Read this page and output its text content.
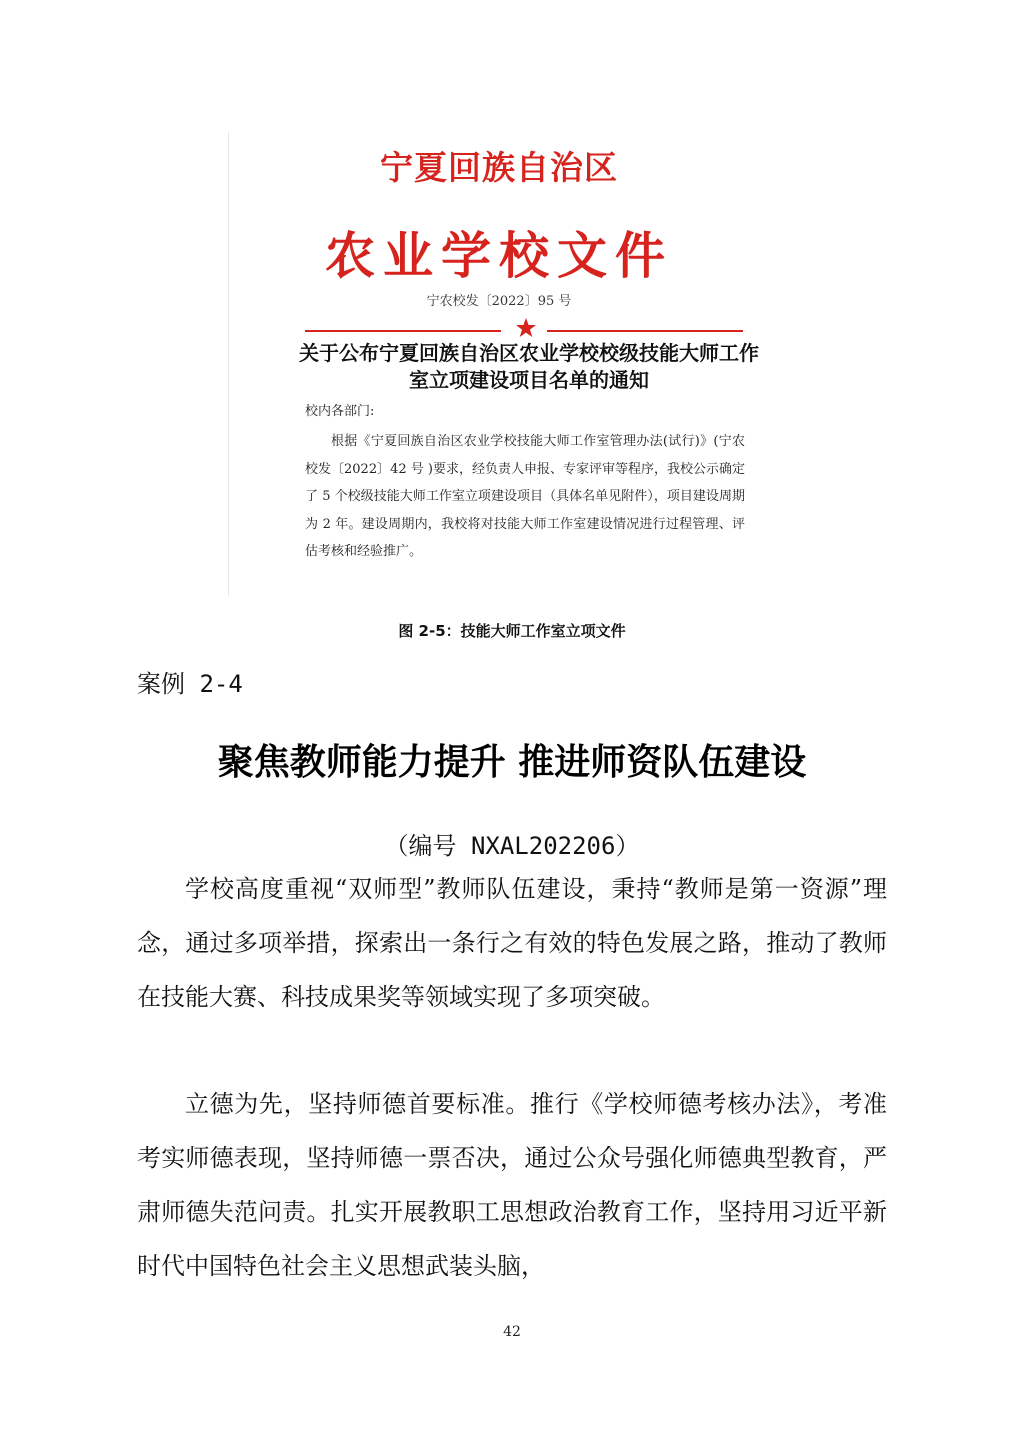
宁夏回族自治区
农业学校文件
宁农校发〔2022〕95 号
关于公布宁夏回族自治区农业学校校级技能大师工作室立项建设项目名单的通知
校内各部门:

根据《宁夏回族自治区农业学校技能大师工作室管理办法(试行)》(宁农校发〔2022〕42 号 )要求，经负责人申报、专家评审等程序，我校公示确定了 5 个校级技能大师工作室立项建设项目（具体名单见附件），项目建设周期为 2 年。建设周期内，我校将对技能大师工作室建设情况进行过程管理、评估考核和经验推广。

图 2-5：技能大师工作室立项文件
案例 2-4
聚焦教师能力提升 推进师资队伍建设
（编号 NXAL202206）

学校高度重视“双师型”教师队伍建设，秉持“教师是第一资源”理念，通过多项举措，探索出一条行之有效的特色发展之路，推动了教师在技能大赛、科技成果奖等领域实现了多项突破。

立德为先，坚持师德首要标准。推行《学校师德考核办法》，考准考实师德表现，坚持师德一票否决，通过公众号强化师德典型教育，严肃师德失范问责。扎实开展教职工思想政治教育工作，坚持用习近平新时代中国特色社会主义思想武装头脑，

42
